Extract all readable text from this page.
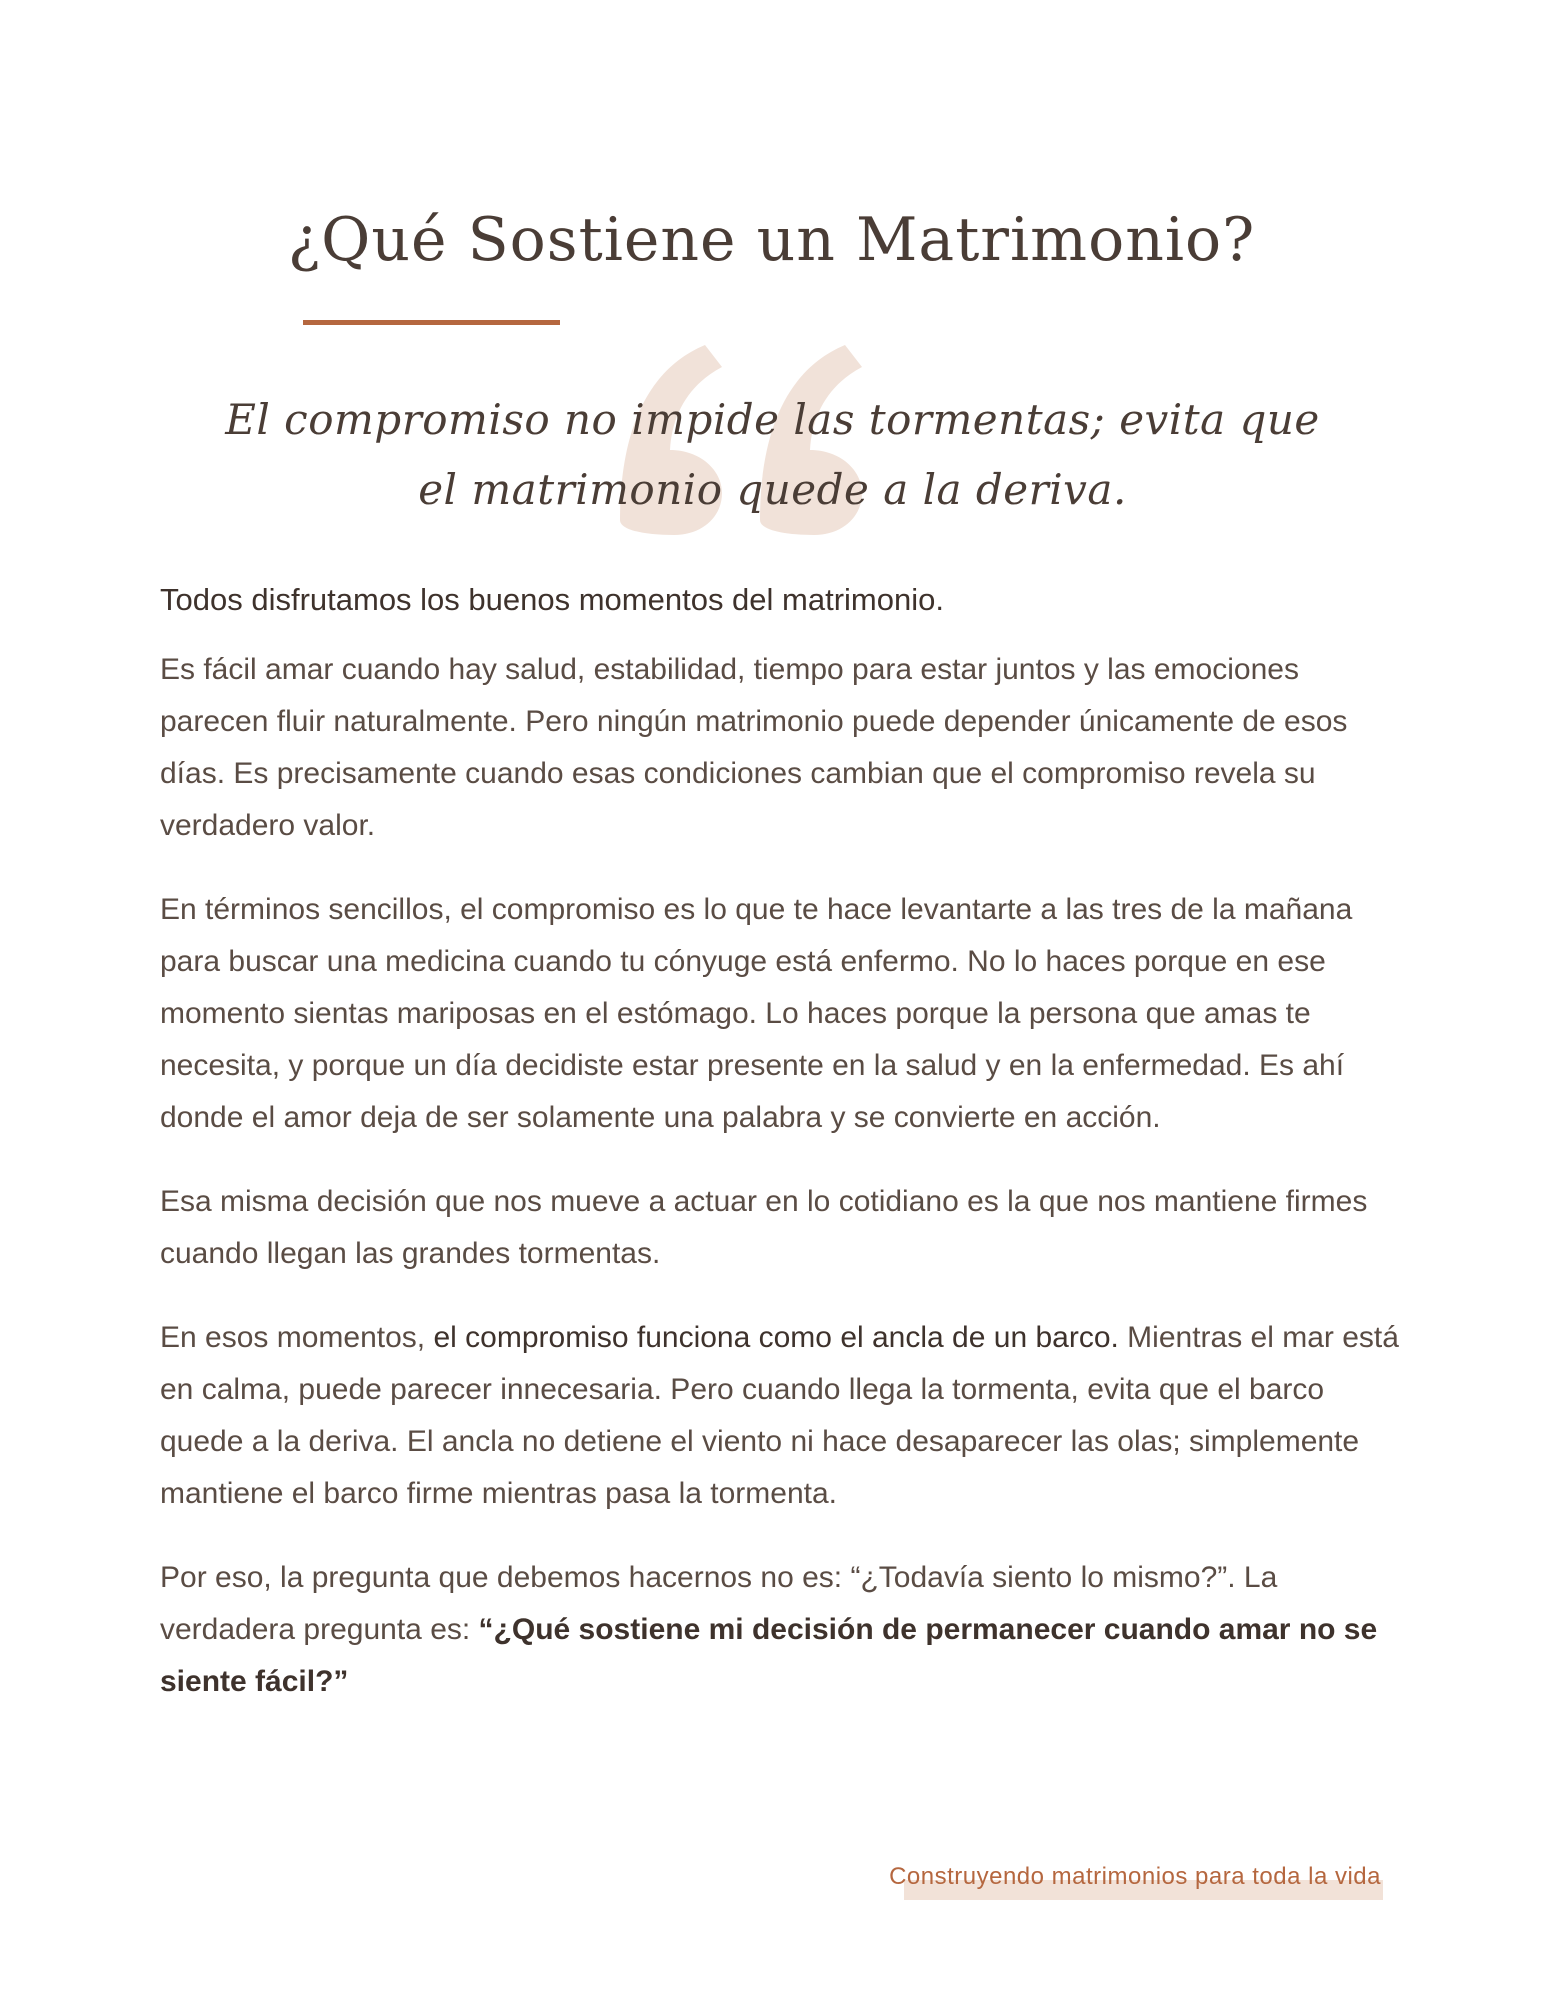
¿Qué Sostiene un Matrimonio?

El compromiso no impide las tormentas; evita que el matrimonio quede a la deriva.

Todos disfrutamos los buenos momentos del matrimonio.

Es fácil amar cuando hay salud, estabilidad, tiempo para estar juntos y las emociones parecen fluir naturalmente. Pero ningún matrimonio puede depender únicamente de esos días. Es precisamente cuando esas condiciones cambian que el compromiso revela su verdadero valor.

En términos sencillos, el compromiso es lo que te hace levantarte a las tres de la mañana para buscar una medicina cuando tu cónyuge está enfermo. No lo haces porque en ese momento sientas mariposas en el estómago. Lo haces porque la persona que amas te necesita, y porque un día decidiste estar presente en la salud y en la enfermedad. Es ahí donde el amor deja de ser solamente una palabra y se convierte en acción.

Esa misma decisión que nos mueve a actuar en lo cotidiano es la que nos mantiene firmes cuando llegan las grandes tormentas.

En esos momentos, el compromiso funciona como el ancla de un barco. Mientras el mar está en calma, puede parecer innecesaria. Pero cuando llega la tormenta, evita que el barco quede a la deriva. El ancla no detiene el viento ni hace desaparecer las olas; simplemente mantiene el barco firme mientras pasa la tormenta.

Por eso, la pregunta que debemos hacernos no es: “¿Todavía siento lo mismo?”. La verdadera pregunta es: “¿Qué sostiene mi decisión de permanecer cuando amar no se siente fácil?”

Construyendo matrimonios para toda la vida
